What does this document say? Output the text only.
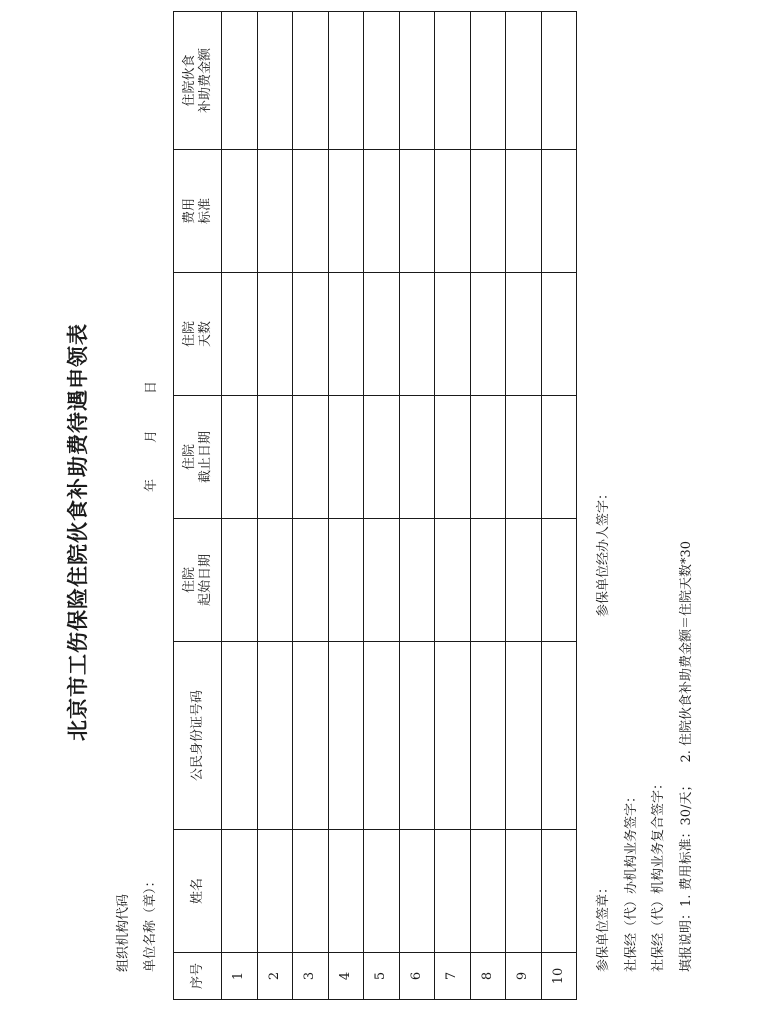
北京市工伤保险住院伙食补助费待遇申领表
组织机构代码 单位名称（章）：
年月日
序号	姓名	公民身份证号码	住院 起始日期	住院 截止日期	住院 天数	费用 标准	住院伙食 补助费金额

1							
2							
3							
4							
5							
6							
7							
8							
9							
10							
参保单位签章：
参保单位经办人签字：
社保经（代）办机构业务签字： 社保经（代）机构业务复合签字：	填报说明：1. 费用标准：30/天；2. 住院伙食补助费金额＝住院天数*30
